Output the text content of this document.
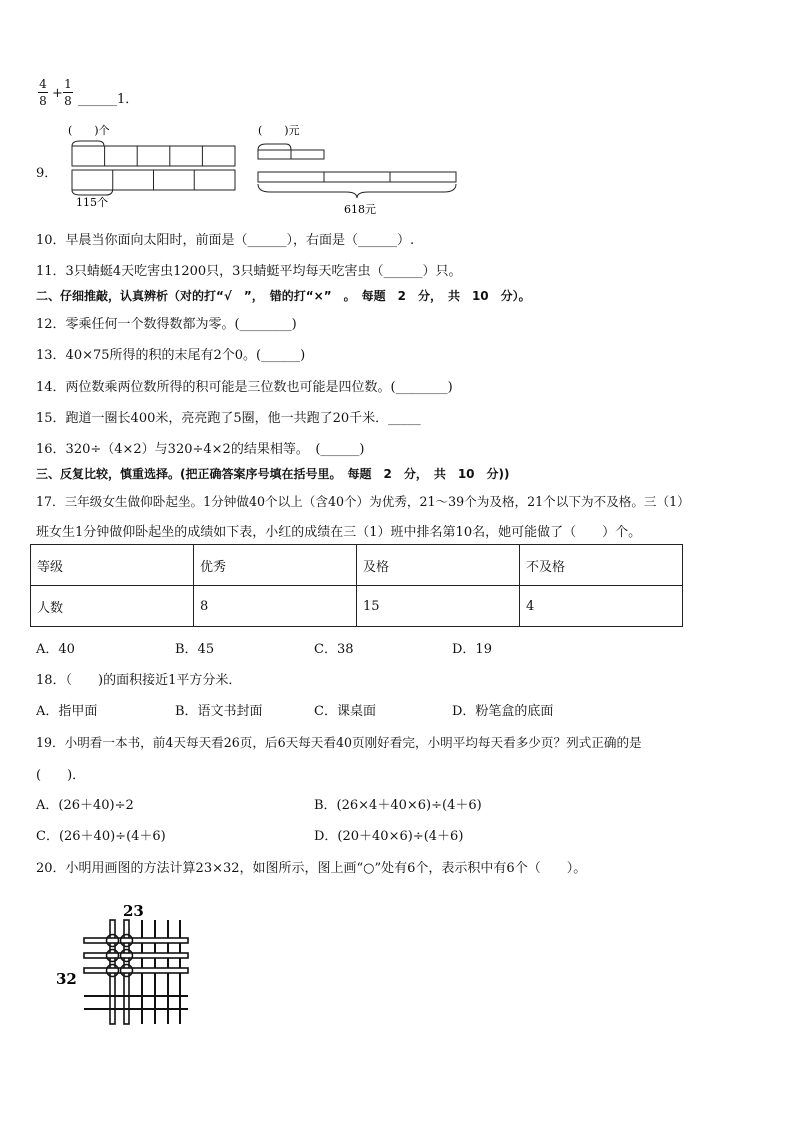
4
8 +
1
8 ______1．
9．
(　　)个
115个
(　　)元
618元
10．早晨当你面向太阳时，前面是（______），右面是（______）.
11．3只蜻蜓4天吃害虫1200只，3只蜻蜓平均每天吃害虫（______）只。
二、仔细推敲，认真辨析（对的打“√　”，　错的打“×”　。　每题　2　分，　共　10　分）。
12．零乘任何一个数得数都为零。(________)
13．40×75所得的积的末尾有2个0。(______)
14．两位数乘两位数所得的积可能是三位数也可能是四位数。(________)
15．跑道一圈长400米，亮亮跑了5圈，他一共跑了20千米．_____
16．320÷（4×2）与320÷4×2的结果相等。　(______)
三、反复比较，慎重选择。(把正确答案序号填在括号里。　每题　2　分，　共　10　分))
17．三年级女生做仰卧起坐。1分钟做40个以上（含40个）为优秀，21～39个为及格，21个以下为不及格。三（1）
班女生1分钟做仰卧起坐的成绩如下表，小红的成绩在三（1）班中排名第10名，她可能做了（　　）个。
等级	优秀	及格	不及格
人数	8	15	4
A．40	B．45	C．38	D．19
18．（　　)的面积接近1平方分米．
A．指甲面	B．语文书封面	C．课桌面	D．粉笔盒的底面
19．小明看一本书，前4天每天看26页，后6天每天看40页刚好看完，小明平均每天看多少页？列式正确的是
(　　)．
A．(26＋40)÷2	B．(26×4＋40×6)÷(4＋6)
C．(26＋40)÷(4＋6)	D．(20＋40×6)÷(4＋6)
20．小明用画图的方法计算23×32，如图所示，图上画“○”处有6个，表示积中有6个（　　）。
23
32
